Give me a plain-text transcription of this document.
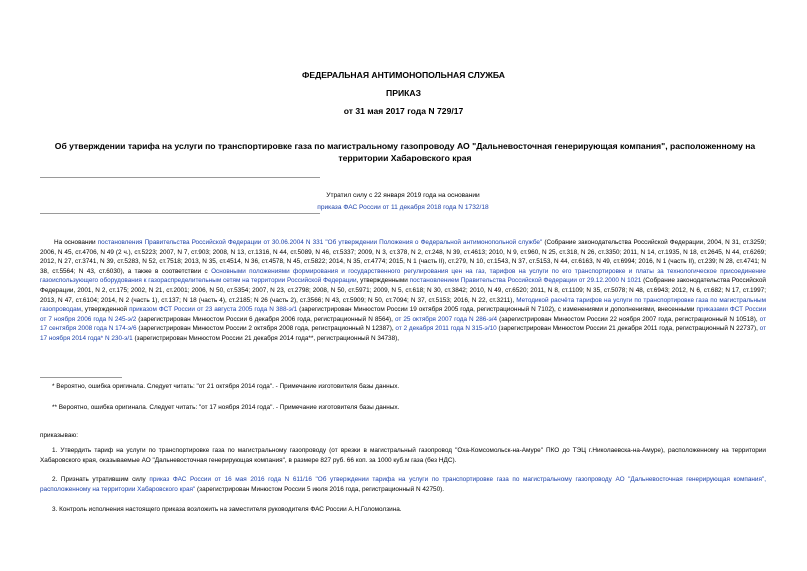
ФЕДЕРАЛЬНАЯ АНТИМОНОПОЛЬНАЯ СЛУЖБА
ПРИКАЗ
от 31 мая 2017 года N 729/17
Об утверждении тарифа на услуги по транспортировке газа по магистральному газопроводу АО "Дальневосточная генерирующая компания", расположенному на территории Хабаровского края
Утратил силу с 22 января 2019 года на основании
приказа ФАС России от 11 декабря 2018 года N 1732/18
На основании постановления Правительства Российской Федерации от 30.06.2004 N 331 "Об утверждении Положения о Федеральной антимонопольной службе" (Собрание законодательства Российской Федерации, 2004, N 31, ст.3259; 2006, N 45, ст.4706, N 49 (2 ч.), ст.5223; 2007, N 7, ст.903; 2008, N 13, ст.1316, N 44, ст.5089, N 46, ст.5337; 2009, N 3, ст.378, N 2, ст.248, N 39, ст.4613; 2010, N 9, ст.960, N 25, ст.318, N 26, ст.3350; 2011, N 14, ст.1935, N 18, ст.2645, N 44, ст.6269; 2012, N 27, ст.3741, N 39, ст.5283, N 52, ст.7518; 2013, N 35, ст.4514, N 36, ст.4578, N 45, ст.5822; 2014, N 35, ст.4774; 2015, N 1 (часть II), ст.279, N 10, ст.1543, N 37, ст.5153, N 44, ст.6163, N 49, ст.6994; 2016, N 1 (часть II), ст.239; N 28, ст.4741; N 38, ст.5564; N 43, ст.6030), а также в соответствии с Основными положениями формирования и государственного регулирования цен на газ, тарифов на услуги по его транспортировке и платы за технологическое присоединение газоиспользующего оборудования к газораспределительным сетям на территории Российской Федерации, утвержденными постановлением Правительства Российской Федерации от 29.12.2000 N 1021 (Собрание законодательства Российской Федерации, 2001, N 2, ст.175; 2002, N 21, ст.2001; 2006, N 50, ст.5354; 2007, N 23, ст.2798; 2008, N 50, ст.5971; 2009, N 5, ст.618; N 30, ст.3842; 2010, N 49, ст.6520; 2011, N 8, ст.1109; N 35, ст.5078; N 48, ст.6943; 2012, N 6, ст.682; N 17, ст.1997; 2013, N 47, ст.6104; 2014, N 2 (часть 1), ст.137; N 18 (часть 4), ст.2185; N 26 (часть 2), ст.3566; N 43, ст.5909; N 50, ст.7094; N 37, ст.5153; 2016, N 22, ст.3211), Методикой расчёта тарифов на услуги по транспортировке газа по магистральным газопроводам, утвержденной приказом ФСТ России от 23 августа 2005 года N 388-э/1 (зарегистрирован Минюстом России 19 октября 2005 года, регистрационный N 7102), с изменениями и дополнениями, внесенными приказами ФСТ России от 7 ноября 2006 года N 245-э/2 (зарегистрирован Минюстом России 6 декабря 2006 года, регистрационный N 8564), от 25 октября 2007 года N 286-э/4 (зарегистрирован Минюстом России 22 ноября 2007 года, регистрационный N 10518), от 17 сентября 2008 года N 174-э/6 (зарегистрирован Минюстом России 2 октября 2008 года, регистрационный N 12387), от 2 декабря 2011 года N 315-э/10 (зарегистрирован Минюстом России 21 декабря 2011 года, регистрационный N 22737), от 17 ноября 2014 года* N 230-э/1 (зарегистрирован Минюстом России 21 декабря 2014 года**, регистрационный N 34738),
* Вероятно, ошибка оригинала. Следует читать: "от 21 октября 2014 года". - Примечание изготовителя базы данных.
** Вероятно, ошибка оригинала. Следует читать: "от 17 ноября 2014 года". - Примечание изготовителя базы данных.
приказываю:
1. Утвердить тариф на услуги по транспортировке газа по магистральному газопроводу (от врезки в магистральный газопровод "Оха-Комсомольск-на-Амуре" ПКО до ТЭЦ г.Николаевска-на-Амуре), расположенному на территории Хабаровского края, оказываемые АО "Дальневосточная генерирующая компания", в размере 827 руб. 66 коп. за 1000 куб.м газа (без НДС).
2. Признать утратившим силу приказ ФАС России от 16 мая 2016 года N 611/16 "Об утверждении тарифа на услуги по транспортировке газа по магистральному газопроводу АО "Дальневосточная генерирующая компания", расположенному на территории Хабаровского края" (зарегистрирован Минюстом России 5 июля 2016 года, регистрационный N 42750).
3. Контроль исполнения настоящего приказа возложить на заместителя руководителя ФАС России А.Н.Голомолзина.
